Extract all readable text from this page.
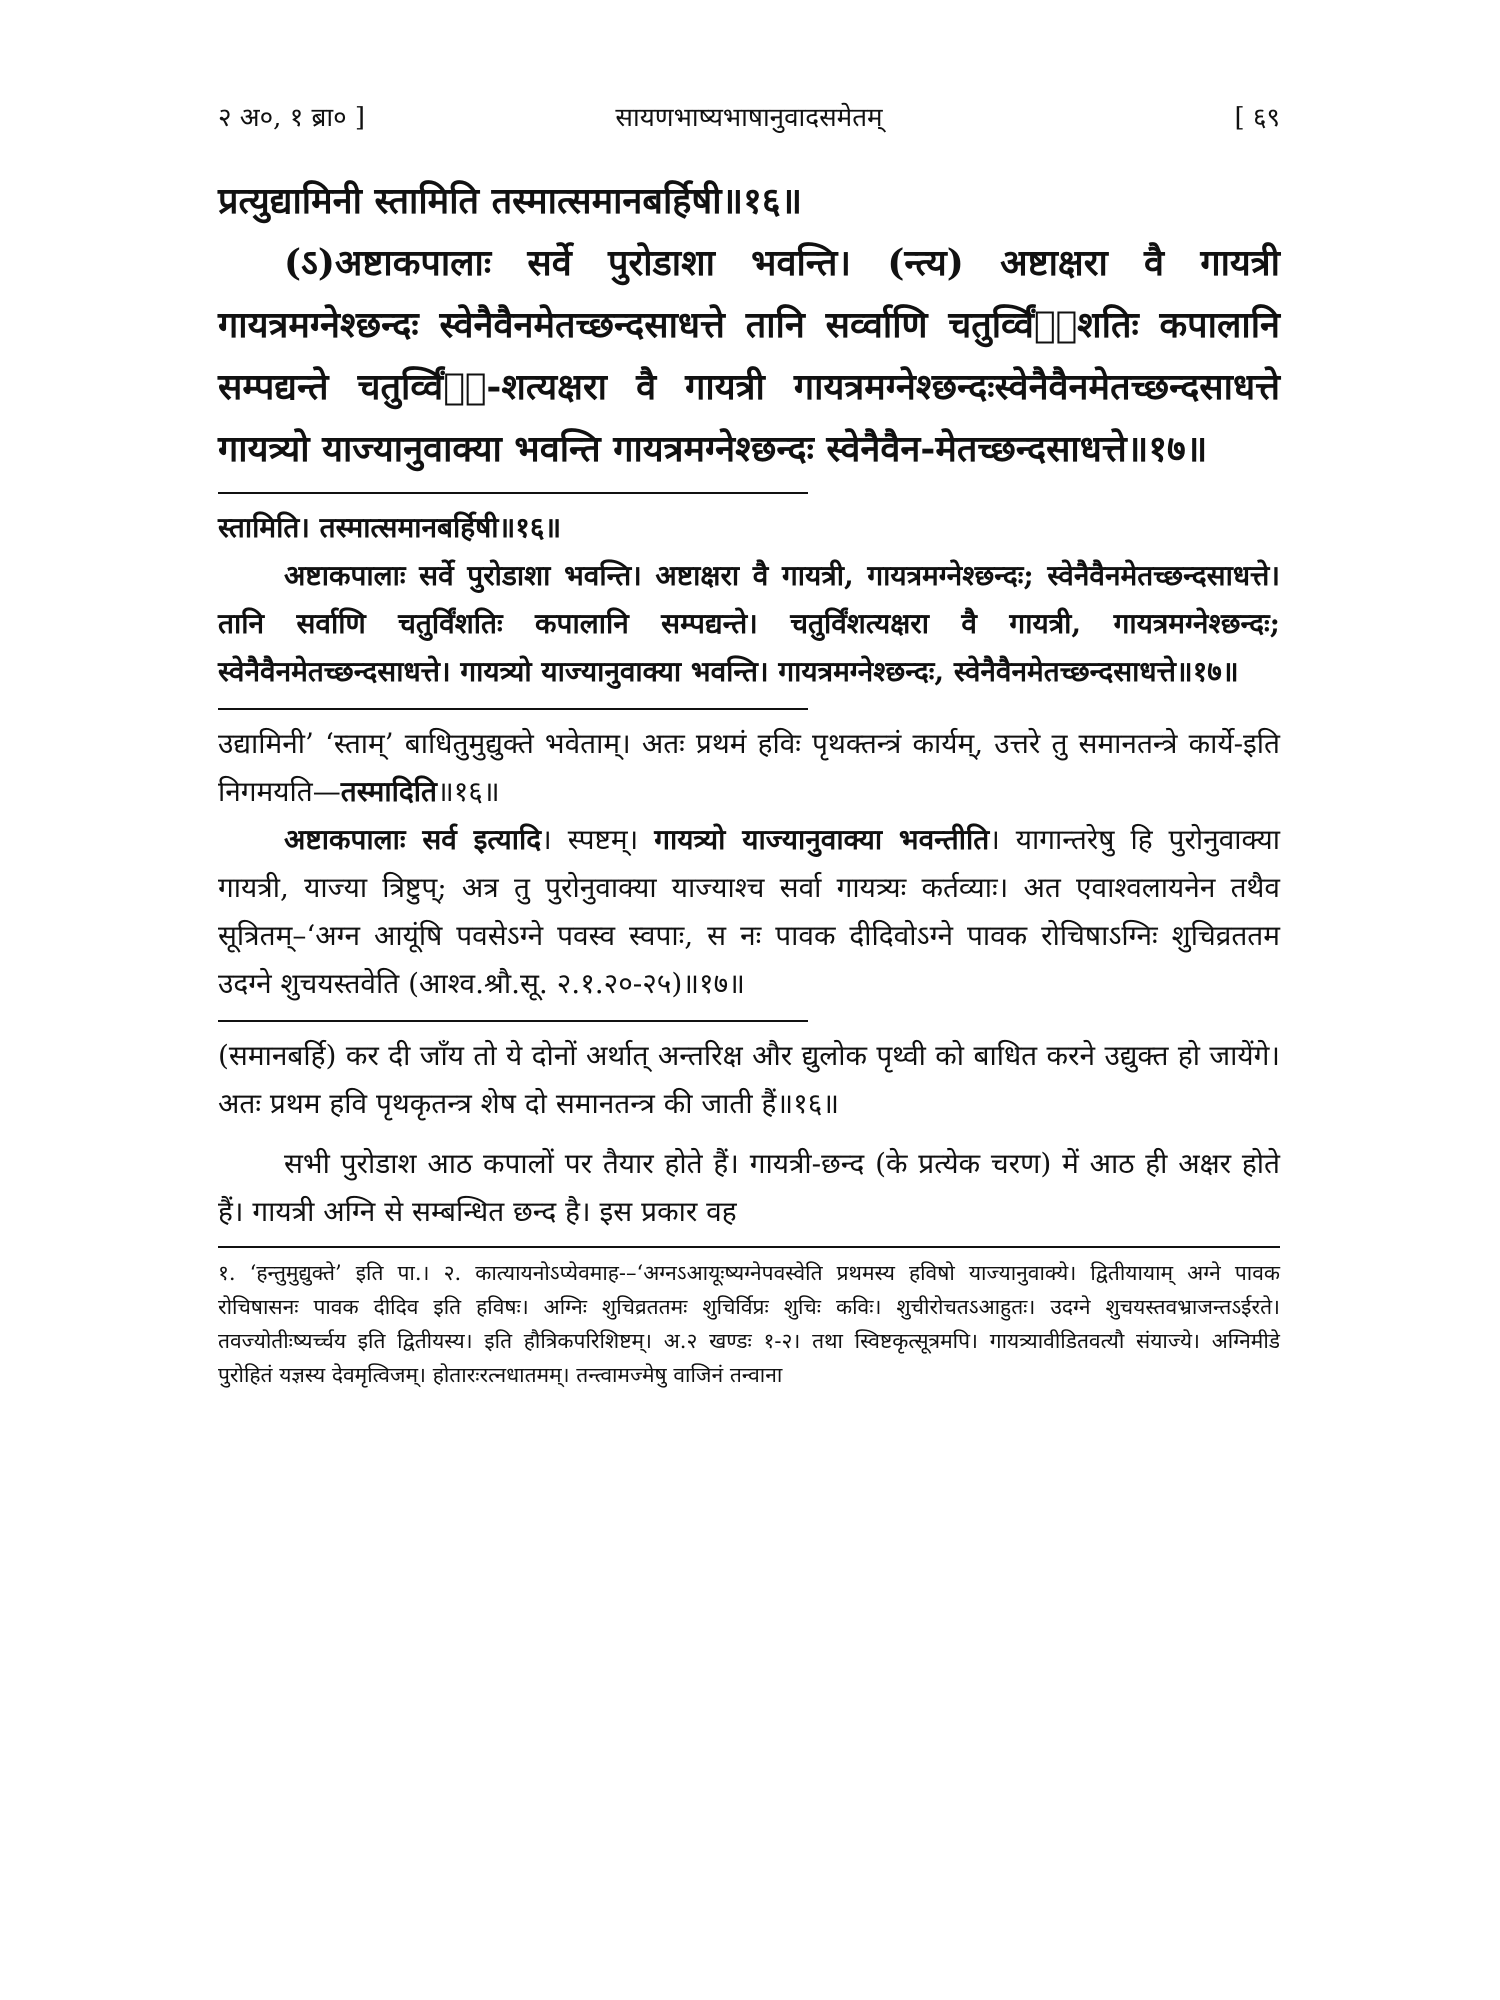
२ अ०, १ ब्रा० ]	सायणभाष्यभाषानुवादसमेतम्	[ ६९

प्रत्युद्यामिनी स्तामिति तस्मात्समानबर्हिषी॥१६॥

(ऽ)अष्टाकपालाः सर्वे पुरोडाशा भवन्ति। (न्त्य) अष्टाक्षरा वै गायत्री गायत्रमग्नेश्छन्दः स्वेनैवैनमेतच्छन्दसाधत्ते तानि सर्व्वाणि चतुर्व्विंᳫँशतिः कपालानि सम्पद्यन्ते चतुर्व्विंᳫँ-शत्यक्षरा वै गायत्री गायत्रमग्नेश्छन्दःस्वेनैवैनमेतच्छन्दसाधत्ते गायत्र्यो याज्यानुवाक्या भवन्ति गायत्रमग्नेश्छन्दः स्वेनैवैन-मेतच्छन्दसाधत्ते॥१७॥

स्तामिति। तस्मात्समानबर्हिषी॥१६॥

अष्टाकपालाः सर्वे पुरोडाशा भवन्ति। अष्टाक्षरा वै गायत्री, गायत्रमग्नेश्छन्दः; स्वेनैवैनमेतच्छन्दसाधत्ते। तानि सर्वाणि चतुर्विंशतिः कपालानि सम्पद्यन्ते। चतुर्विंशत्यक्षरा वै गायत्री, गायत्रमग्नेश्छन्दः; स्वेनैवैनमेतच्छन्दसाधत्ते। गायत्र्यो याज्यानुवाक्या भवन्ति। गायत्रमग्नेश्छन्दः, स्वेनैवैनमेतच्छन्दसाधत्ते॥१७॥

उद्यामिनी’ ‘स्ताम्’ बाधितुमुद्युक्ते भवेताम्। अतः प्रथमं हविः पृथक्तन्त्रं कार्यम्, उत्तरे तु समानतन्त्रे कार्ये-इति निगमयति—तस्मादिति॥१६॥

अष्टाकपालाः सर्व इत्यादि। स्पष्टम्। गायत्र्यो याज्यानुवाक्या भवन्तीति। यागान्तरेषु हि पुरोनुवाक्या गायत्री, याज्या त्रिष्टुप्; अत्र तु पुरोनुवाक्या याज्याश्च सर्वा गायत्र्यः कर्तव्याः। अत एवाश्वलायनेन तथैव सूत्रितम्–‘अग्न आयूंषि पवसेऽग्ने पवस्व स्वपाः, स नः पावक दीदिवोऽग्ने पावक रोचिषाऽग्निः शुचिव्रततम उदग्ने शुचयस्तवेति (आश्व.श्रौ.सू. २.१.२०-२५)॥१७॥

(समानबर्हि) कर दी जाँय तो ये दोनों अर्थात् अन्तरिक्ष और द्युलोक पृथ्वी को बाधित करने उद्युक्त हो जायेंगे। अतः प्रथम हवि पृथकृतन्त्र शेष दो समानतन्त्र की जाती हैं॥१६॥

सभी पुरोडाश आठ कपालों पर तैयार होते हैं। गायत्री-छन्द (के प्रत्येक चरण) में आठ ही अक्षर होते हैं। गायत्री अग्नि से सम्बन्धित छन्द है। इस प्रकार वह

१. ‘हन्तुमुद्युक्ते’ इति पा.। २. कात्यायनोऽप्येवमाह-–‘अग्नऽआयूःष्यग्नेपवस्वेति प्रथमस्य हविषो याज्यानुवाक्ये। द्वितीयायाम् अग्ने पावक रोचिषासनः पावक दीदिव इति हविषः। अग्निः शुचिव्रततमः शुचिर्विप्रः शुचिः कविः। शुचीरोचतऽआहुतः। उदग्ने शुचयस्तवभ्राजन्तऽईरते। तवज्योतीःष्यर्च्चय इति द्वितीयस्य। इति हौत्रिकपरिशिष्टम्। अ.२ खण्डः १-२। तथा स्विष्टकृत्सूत्रमपि। गायत्र्यावीडितवत्यौ संयाज्ये। अग्निमीडे पुरोहितं यज्ञस्य देवमृत्विजम्। होतारःरत्नधातमम्। तन्त्वामज्मेषु वाजिनं तन्वाना
